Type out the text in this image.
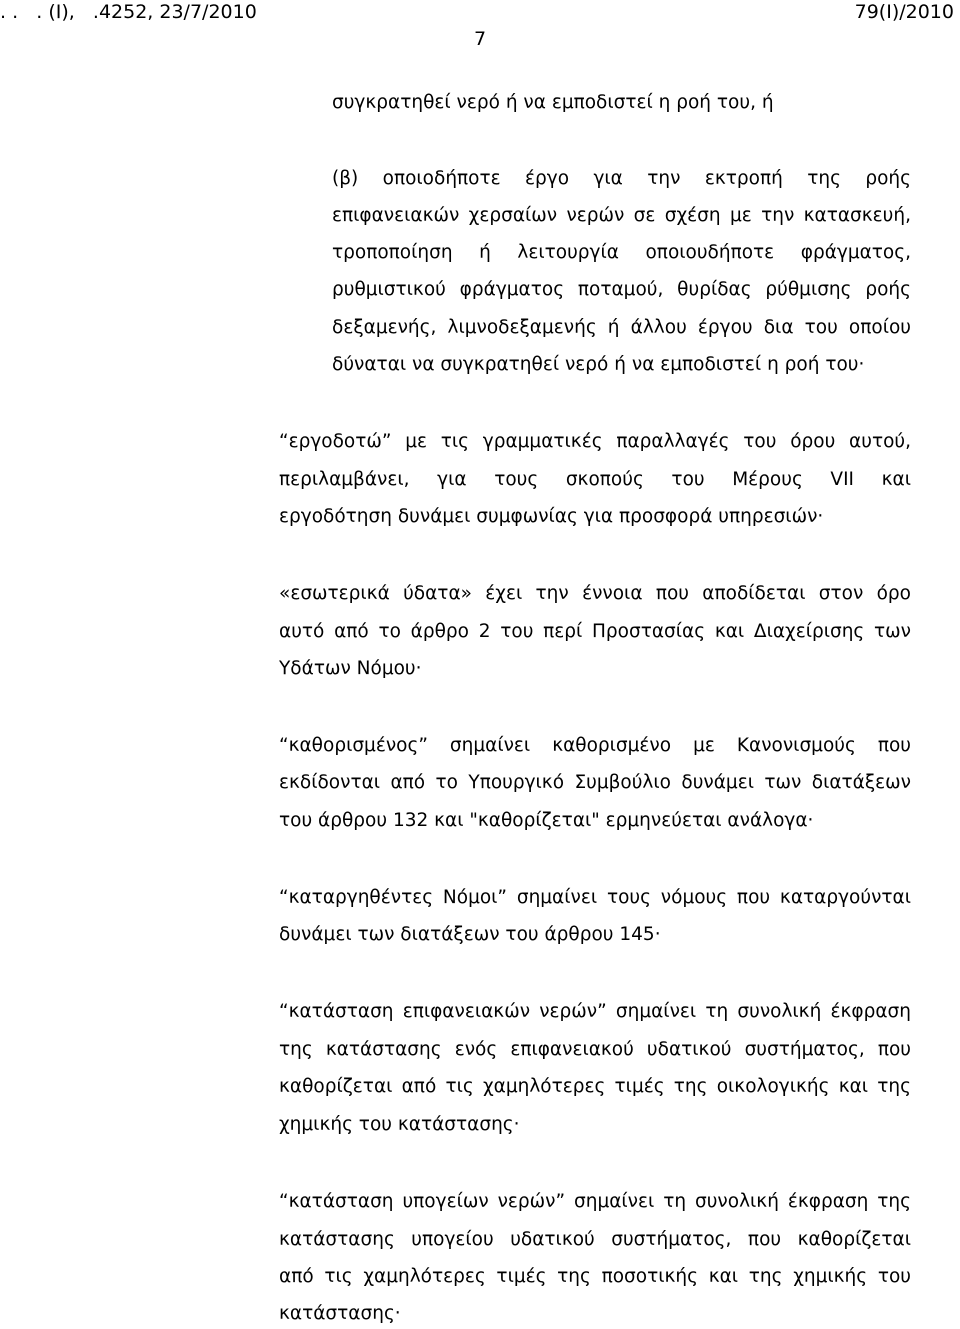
. .   . (Ι),   .4252, 23/7/2010	79(I)/2010
7
συγκρατηθεί νερό ή να εμποδιστεί η ροή του, ή
(β) οποιοδήποτε έργο για την εκτροπή της ροής
επιφανειακών χερσαίων νερών σε σχέση με την κατασκευή,
τροποποίηση ή λειτουργία οποιουδήποτε φράγματος,
ρυθμιστικού φράγματος ποταμού, θυρίδας ρύθμισης ροής
δεξαμενής, λιμνοδεξαμενής ή άλλου έργου δια του οποίου
δύναται να συγκρατηθεί νερό ή να εμποδιστεί η ροή του·
“εργοδοτώ” με τις γραμματικές παραλλαγές του όρου αυτού,
περιλαμβάνει, για τους σκοπούς του Μέρους VII και
εργοδότηση δυνάμει συμφωνίας για προσφορά υπηρεσιών·
«εσωτερικά ύδατα» έχει την έννοια που αποδίδεται στον όρο
αυτό από το άρθρο 2 του περί Προστασίας και Διαχείρισης των
Υδάτων Νόμου·
“καθορισμένος” σημαίνει καθορισμένο με Κανονισμούς που
εκδίδονται από το Υπουργικό Συμβούλιο δυνάμει των διατάξεων
του άρθρου 132 και "καθορίζεται" ερμηνεύεται ανάλογα·
“καταργηθέντες Νόμοι” σημαίνει τους νόμους που καταργούνται
δυνάμει των διατάξεων του άρθρου 145·
“κατάσταση επιφανειακών νερών” σημαίνει τη συνολική έκφραση
της κατάστασης ενός επιφανειακού υδατικού συστήματος, που
καθορίζεται από τις χαμηλότερες τιμές της οικολογικής και της
χημικής του κατάστασης·
“κατάσταση υπογείων νερών” σημαίνει τη συνολική έκφραση της
κατάστασης υπογείου υδατικού συστήματος, που καθορίζεται
από τις χαμηλότερες τιμές της ποσοτικής και της χημικής του
κατάστασης·
